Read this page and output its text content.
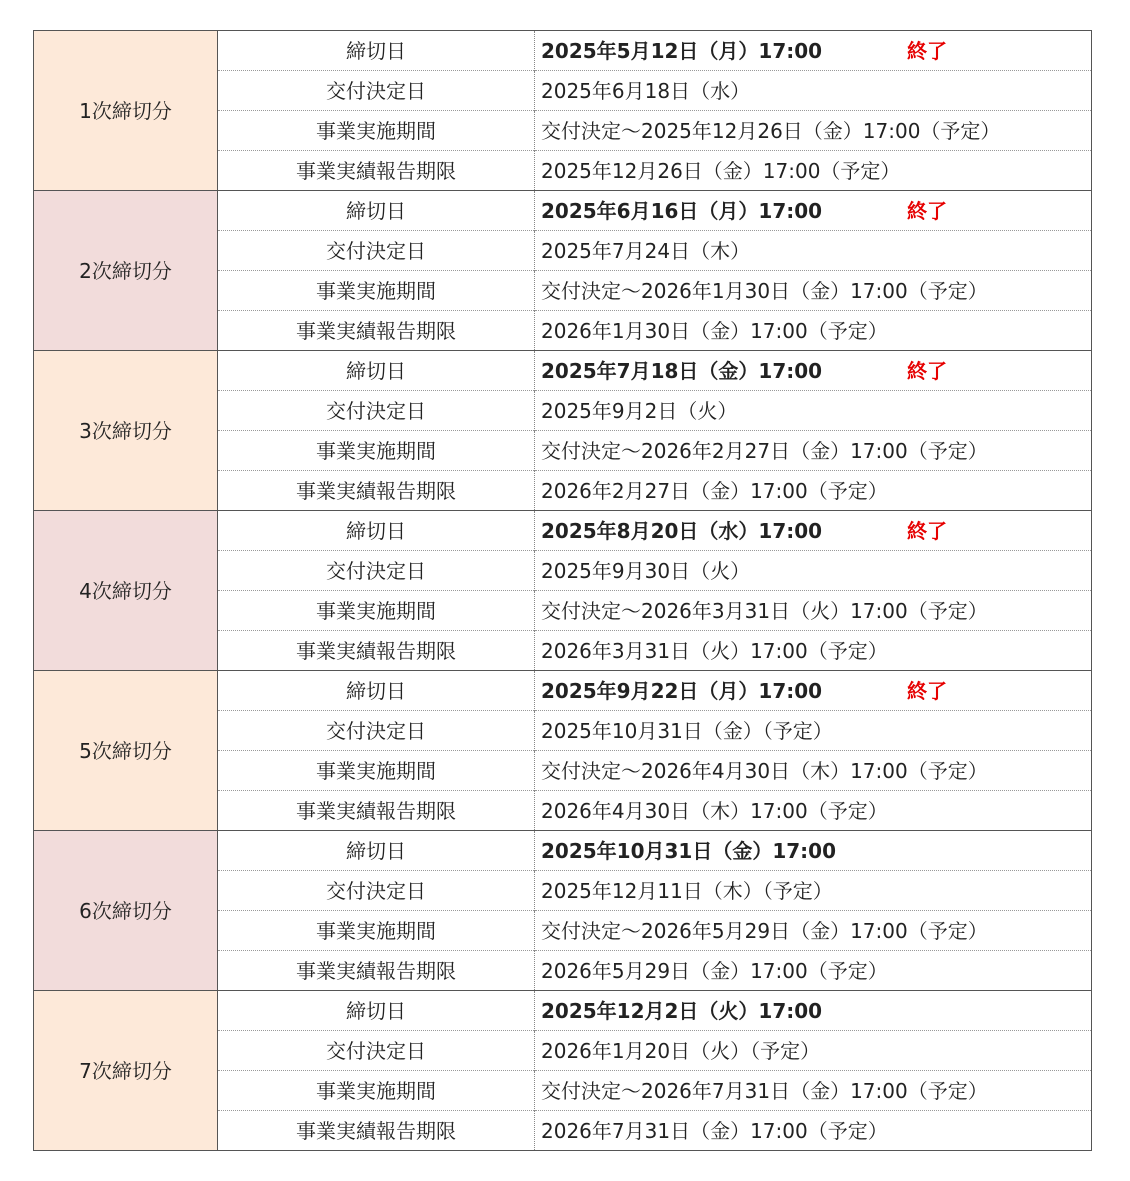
1次締切分	締切日	2025年5月12日（月）17:00 終了
	交付決定日	2025年6月18日（水）
	事業実施期間	交付決定～2025年12月26日（金）17:00（予定）
	事業実績報告期限	2025年12月26日（金）17:00（予定）
2次締切分	締切日	2025年6月16日（月）17:00 終了
	交付決定日	2025年7月24日（木）
	事業実施期間	交付決定～2026年1月30日（金）17:00（予定）
	事業実績報告期限	2026年1月30日（金）17:00（予定）
3次締切分	締切日	2025年7月18日（金）17:00 終了
	交付決定日	2025年9月2日（火）
	事業実施期間	交付決定～2026年2月27日（金）17:00（予定）
	事業実績報告期限	2026年2月27日（金）17:00（予定）
4次締切分	締切日	2025年8月20日（水）17:00 終了
	交付決定日	2025年9月30日（火）
	事業実施期間	交付決定～2026年3月31日（火）17:00（予定）
	事業実績報告期限	2026年3月31日（火）17:00（予定）
5次締切分	締切日	2025年9月22日（月）17:00 終了
	交付決定日	2025年10月31日（金）（予定）
	事業実施期間	交付決定～2026年4月30日（木）17:00（予定）
	事業実績報告期限	2026年4月30日（木）17:00（予定）
6次締切分	締切日	2025年10月31日（金）17:00
	交付決定日	2025年12月11日（木）（予定）
	事業実施期間	交付決定～2026年5月29日（金）17:00（予定）
	事業実績報告期限	2026年5月29日（金）17:00（予定）
7次締切分	締切日	2025年12月2日（火）17:00
	交付決定日	2026年1月20日（火）（予定）
	事業実施期間	交付決定～2026年7月31日（金）17:00（予定）
	事業実績報告期限	2026年7月31日（金）17:00（予定）
